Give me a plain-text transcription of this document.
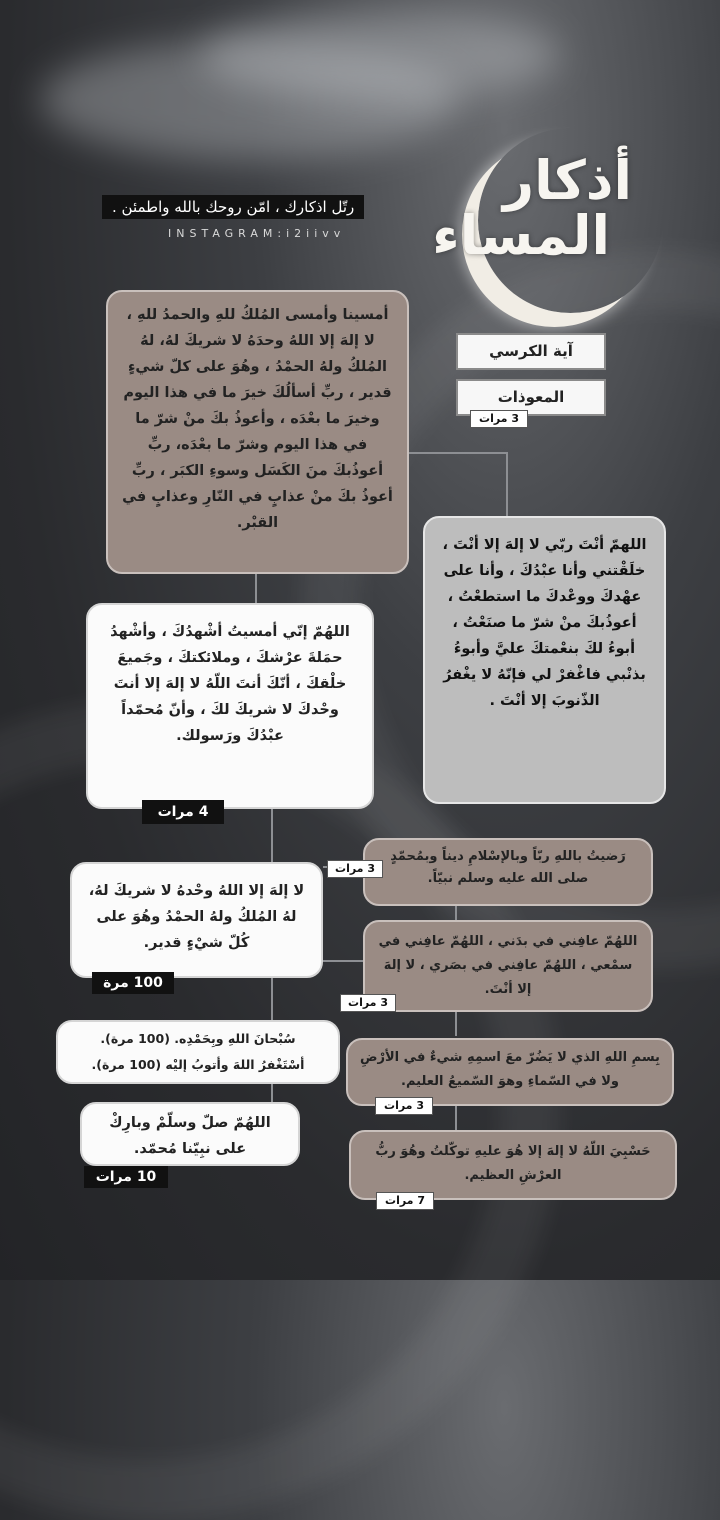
أذكار
المساء
رتّل اذكارك ، امّن روحك بالله واطمئن .
INSTAGRAM:i2iivv
آية الكرسي
المعوذات
3 مرات
أمسينا وأمسى المُلكُ للهِ والحمدُ للهِ ، لا إلهَ إلا اللهُ وحدَهُ لا شريكَ لهُ، لهُ المُلكُ ولهُ الحمْدُ ، وهُوَ على كلّ شيءٍ قدير ، ربِّ أسألُكَ خيرَ ما في هذا اليوم وخيرَ ما بعْدَه ، وأعوذُ بكَ منْ شرّ ما في هذا اليوم وشرّ ما بعْدَه، ربِّ أعوذُبكَ منَ الكَسَل وسوءِ الكبَر ، ربِّ أعوذُ بكَ منْ عذابٍ في النّارِ وعذابٍ في القبْر.
اللهمّ أنْتَ ربّي لا إلهَ إلا أنْتَ ، خلَقْتني وأنا عبْدُكَ ، وأنا على عهْدكَ ووعْدكَ ما استطعْتُ ، أعوذُبكَ منْ شرّ ما صنَعْتُ ، أبوءُ لكَ بنعْمتكَ عليَّ وأبوءُ بذنْبي فاغْفرْ لي فإنّهُ لا يغْفرُ الذّنوبَ إلا أنْتَ .
اللهُمّ إنّي أمسيتُ أشْهدُكَ ، وأشْهدُ حمَلةَ عرْشكَ ، وملائكتكَ ، وجَميعَ خلْقكَ ، أنّكَ أنتَ اللّهُ لا إلهَ إلا أنتَ وحْدكَ لا شريكَ لكَ ، وأنّ مُحمّداً عبْدُكَ ورَسولك.
4 مرات
رَضيتُ باللهِ ربّاً وبالإسْلامِ ديناً وبمُحمّدٍ صلى الله عليه وسلم نبيّاً.
3 مرات
لا إلهَ إلا اللهُ وحْدهُ لا شريكَ لهُ، لهُ المُلكُ ولهُ الحمْدُ وهُوَ على كُلّ شيْءٍ قدير.
100 مرة
اللهُمّ عافِني في بدَني ، اللهُمّ عافِني في سمْعي ، اللهُمّ عافِني في بصَري ، لا إلهَ إلا أنْتَ.
3 مرات
سُبْحانَ اللهِ وبِحَمْدِه. (100 مرة).
أسْتَغْفرُ اللهَ وأتوبُ إليْه (100 مرة).	بِسمِ اللهِ الذي لا يَضُرّ معَ اسمِهِ شيءٌ في الأرْضِ ولا في السّماءِ وهوَ السّميعُ العليم.
3 مرات
اللهُمّ صلّ وسلّمْ وبارِكْ على نبِيّنا مُحمّد.
10 مرات
حَسْبِيَ اللّهُ لا إلهَ إلا هُوَ عليهِ توكّلتُ وهُوَ ربُّ العرْشِ العظيم.
7 مرات
